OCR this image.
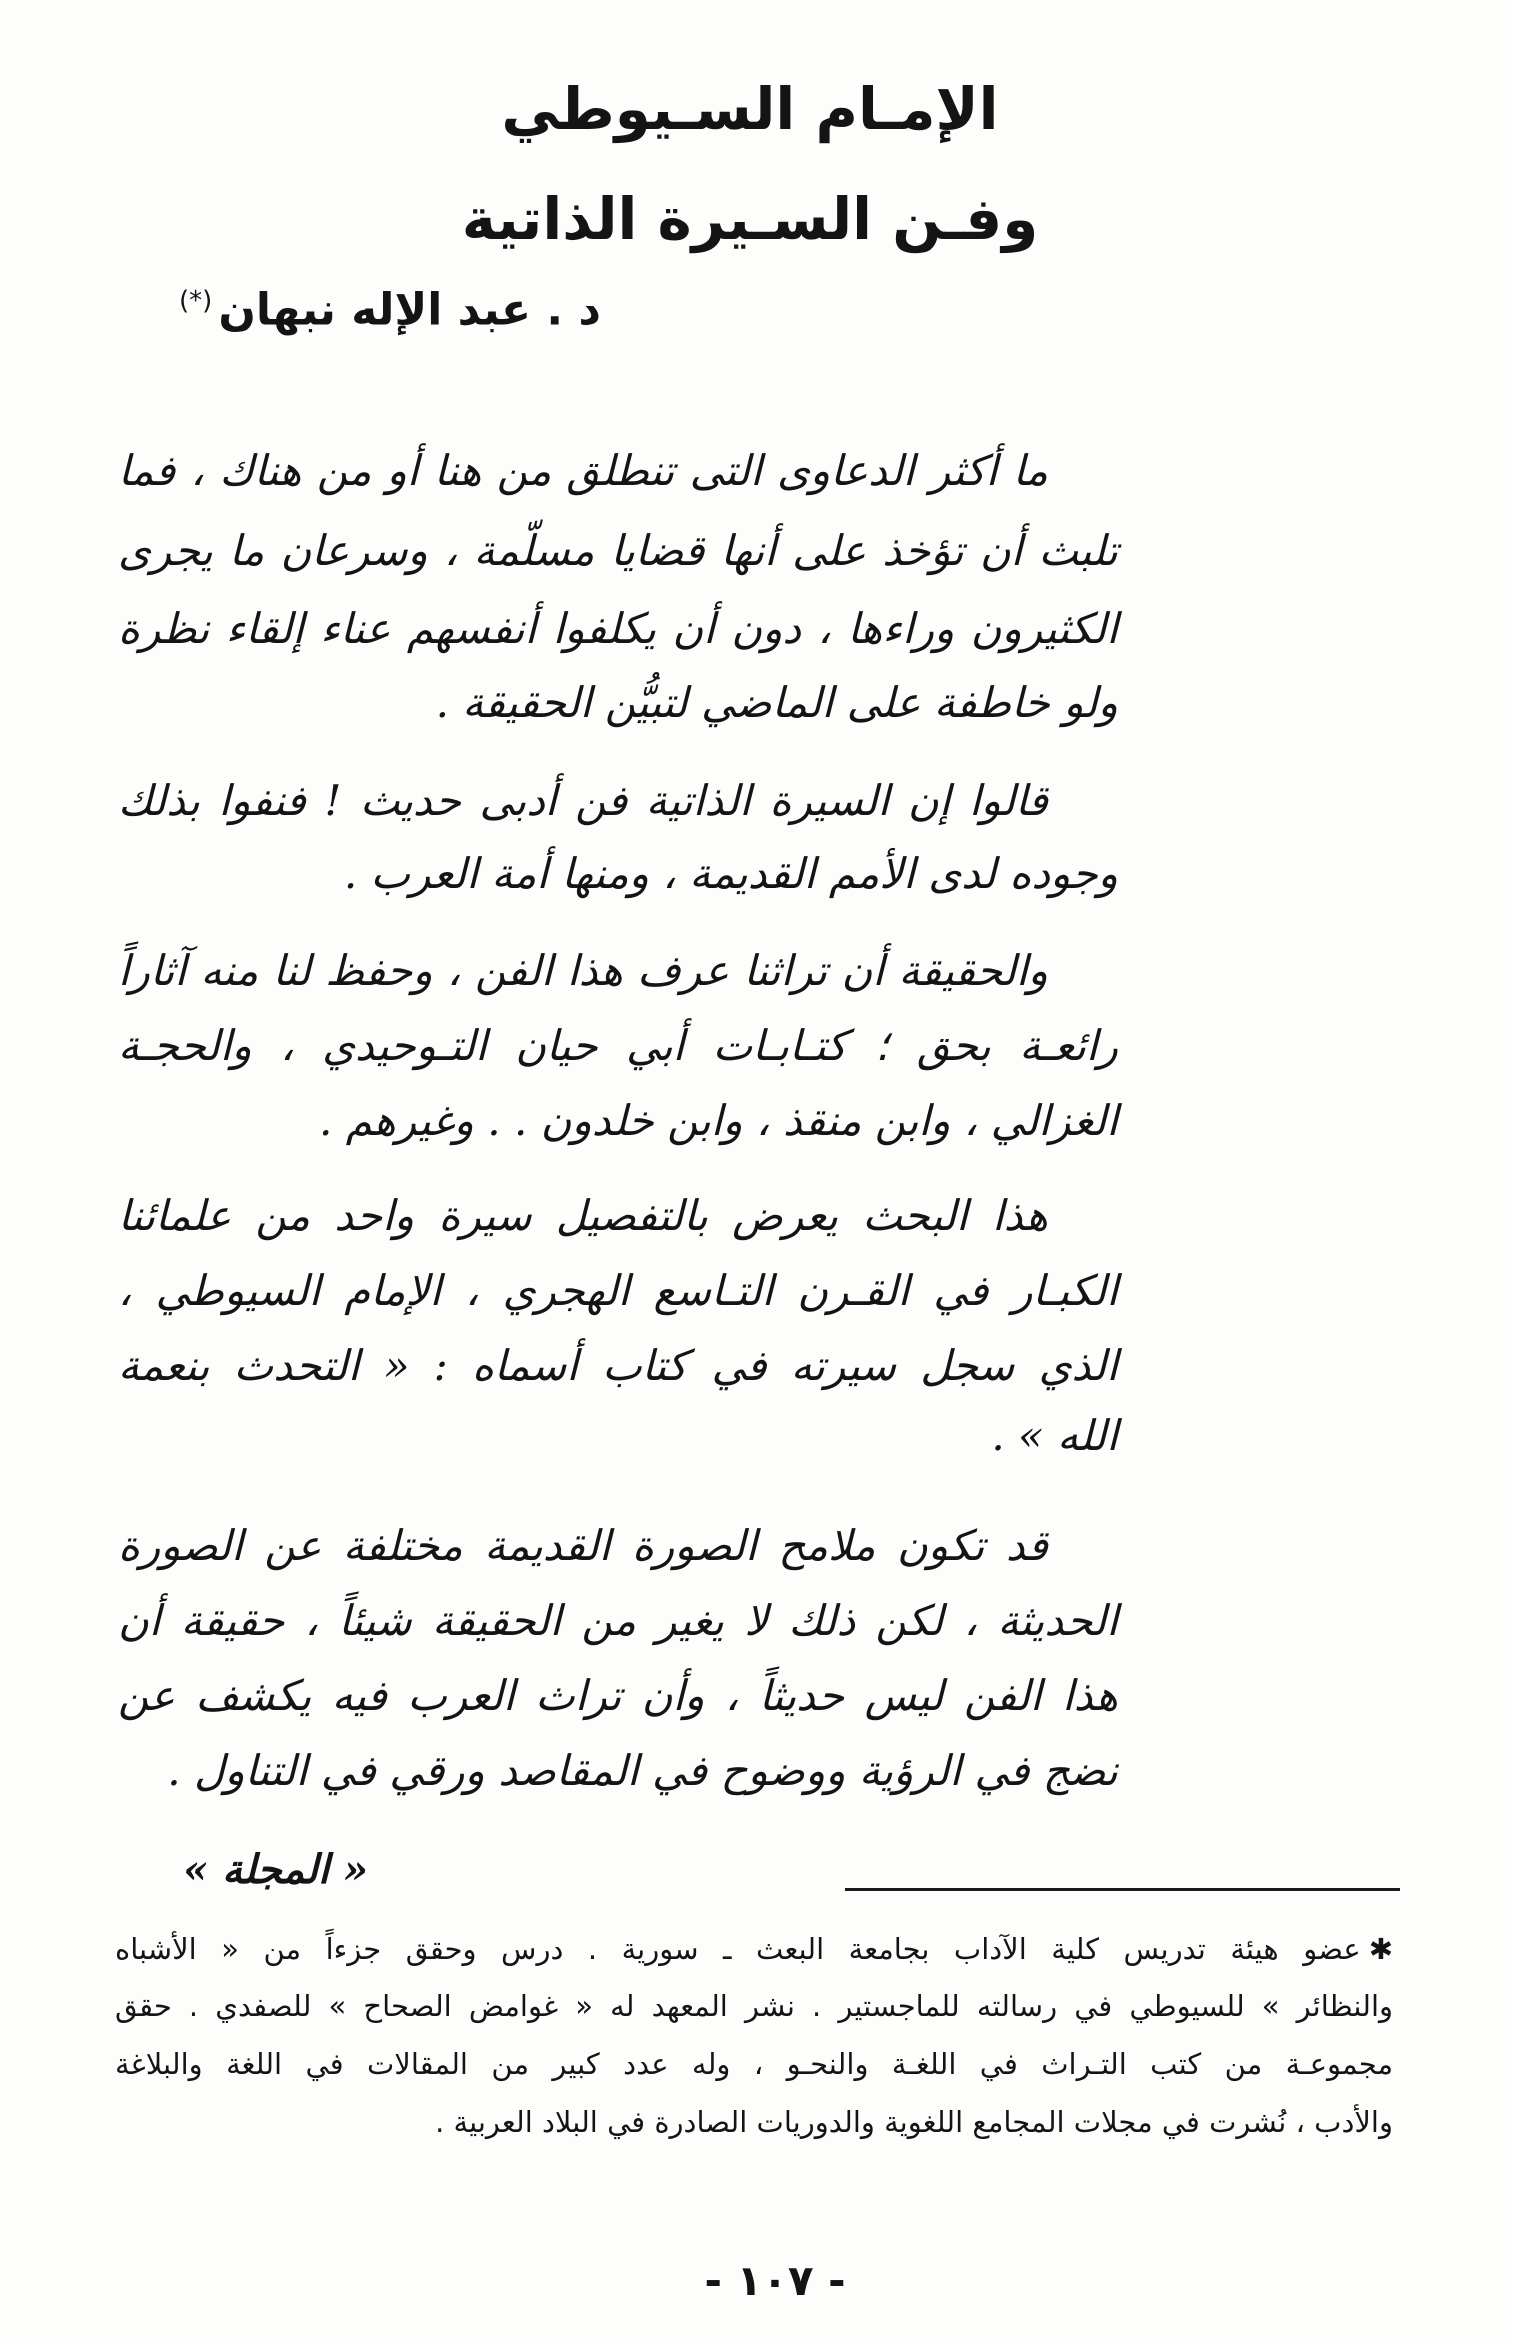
الإمـام السـيوطي
وفـن السـيرة الذاتية
د . عبد الإله نبهان(*)
ما أكثر الدعاوى التى تنطلق من هنا أو من هناك ، فما
تلبث أن تؤخذ على أنها قضايا مسلّمة ، وسرعان ما يجرى
الكثيرون وراءها ، دون أن يكلفوا أنفسهم عناء إلقاء نظرة
ولو خاطفة على الماضي لتبيُّن الحقيقة .
قالوا إن السيرة الذاتية فن أدبى حديث ! فنفوا بذلك
وجوده لدى الأمم القديمة ، ومنها أمة العرب .
والحقيقة أن تراثنا عرف هذا الفن ، وحفظ لنا منه آثاراً
رائعـة بحق ؛ كتـابـات أبي حيان التـوحيدي ، والحجـة
الغزالي ، وابن منقذ ، وابن خلدون . . وغيرهم .
هذا البحث يعرض بالتفصيل سيرة واحد من علمائنا
الكبـار في القـرن التـاسع الهجري ، الإمام السيوطي ،
الذي سجل سيرته في كتاب أسماه : « التحدث بنعمة
الله » .
قد تكون ملامح الصورة القديمة مختلفة عن الصورة
الحديثة ، لكن ذلك لا يغير من الحقيقة شيئاً ، حقيقة أن
هذا الفن ليس حديثاً ، وأن تراث العرب فيه يكشف عن
نضج في الرؤية ووضوح في المقاصد ورقي في التناول .
« المجلة »
✱عضو هيئة تدريس كلية الآداب بجامعة البعث ـ سورية . درس وحقق جزءاً من « الأشباه
والنظائر » للسيوطي في رسالته للماجستير . نشر المعهد له « غوامض الصحاح » للصفدي . حقق
مجموعـة من كتب التـراث في اللغـة والنحـو ، وله عدد كبير من المقالات في اللغة والبلاغة
والأدب ، نُشرت في مجلات المجامع اللغوية والدوريات الصادرة في البلاد العربية .
- ١٠٧ -
